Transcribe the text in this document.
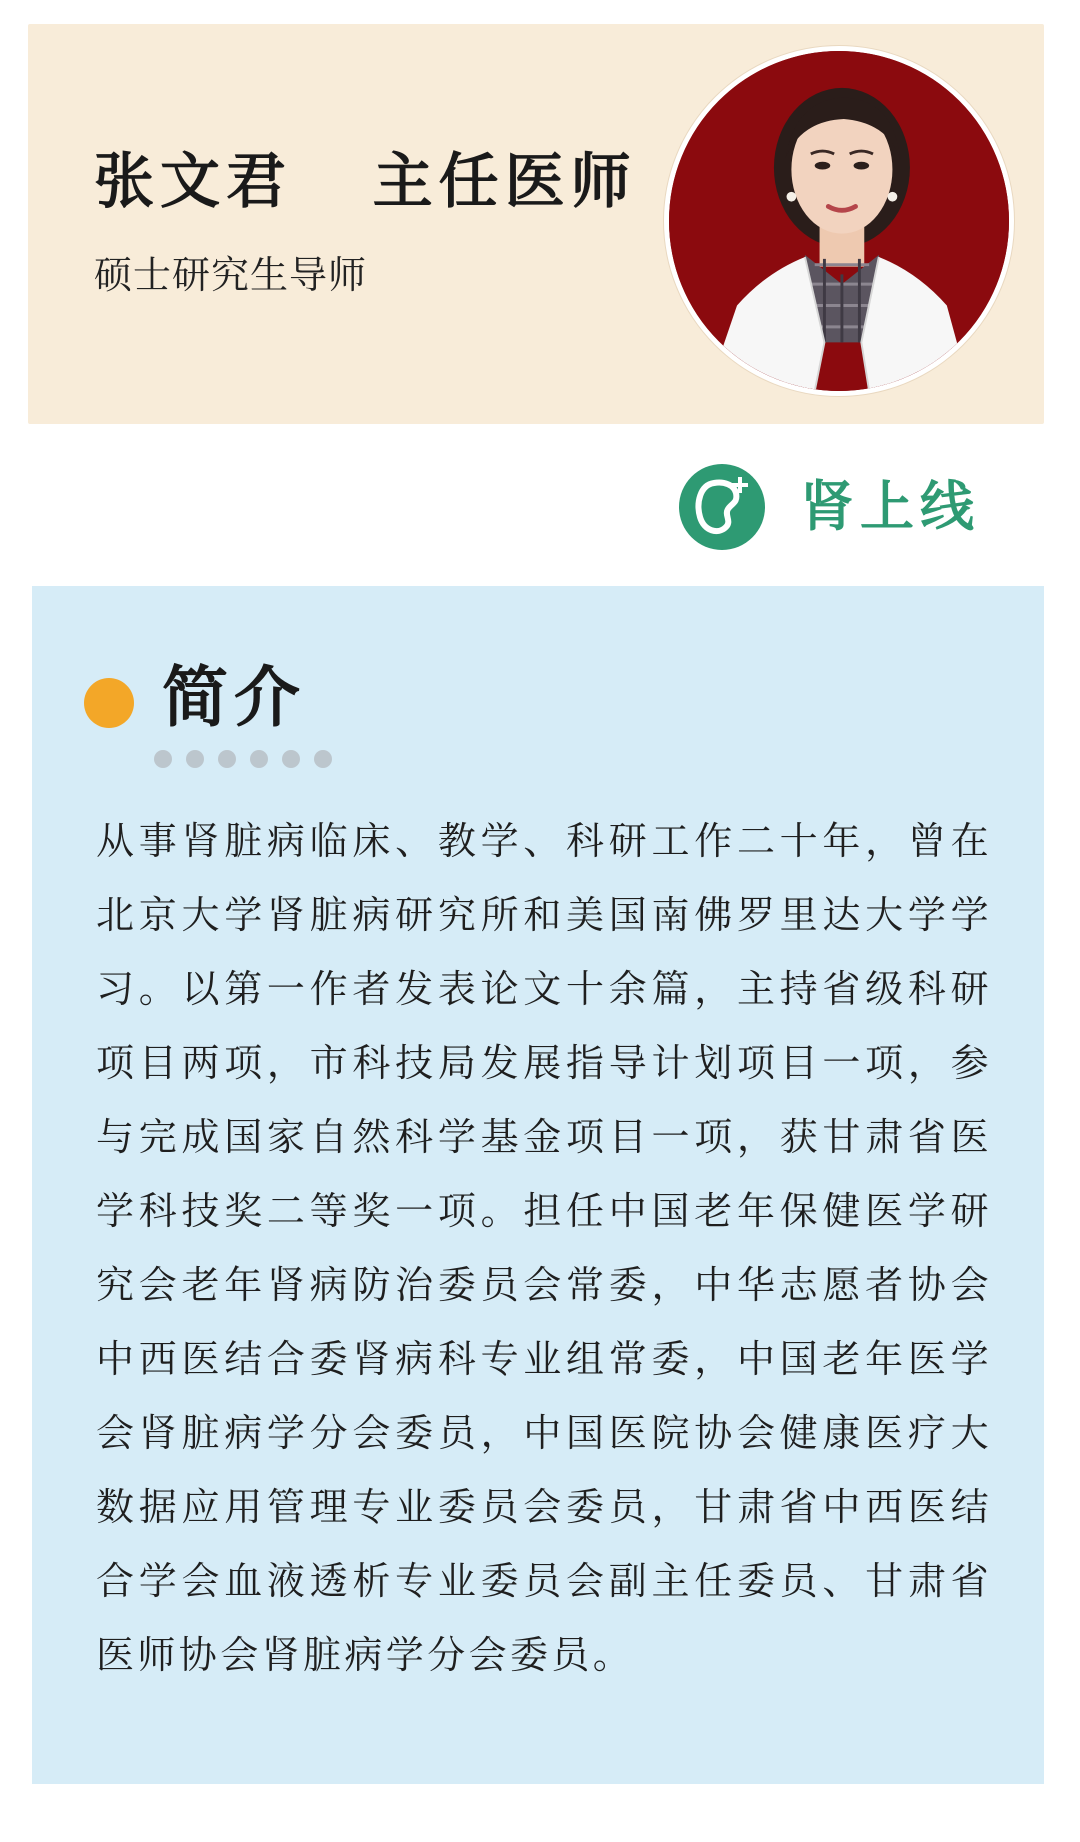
张文君   主任医师
硕士研究生导师
肾上线
简介
从事肾脏病临床、教学、科研工作二十年，曾在北京大学肾脏病研究所和美国南佛罗里达大学学习。以第一作者发表论文十余篇，主持省级科研项目两项，市科技局发展指导计划项目一项，参与完成国家自然科学基金项目一项，获甘肃省医学科技奖二等奖一项。担任中国老年保健医学研究会老年肾病防治委员会常委，中华志愿者协会中西医结合委肾病科专业组常委，中国老年医学会肾脏病学分会委员，中国医院协会健康医疗大数据应用管理专业委员会委员，甘肃省中西医结合学会血液透析专业委员会副主任委员、甘肃省医师协会肾脏病学分会委员。
